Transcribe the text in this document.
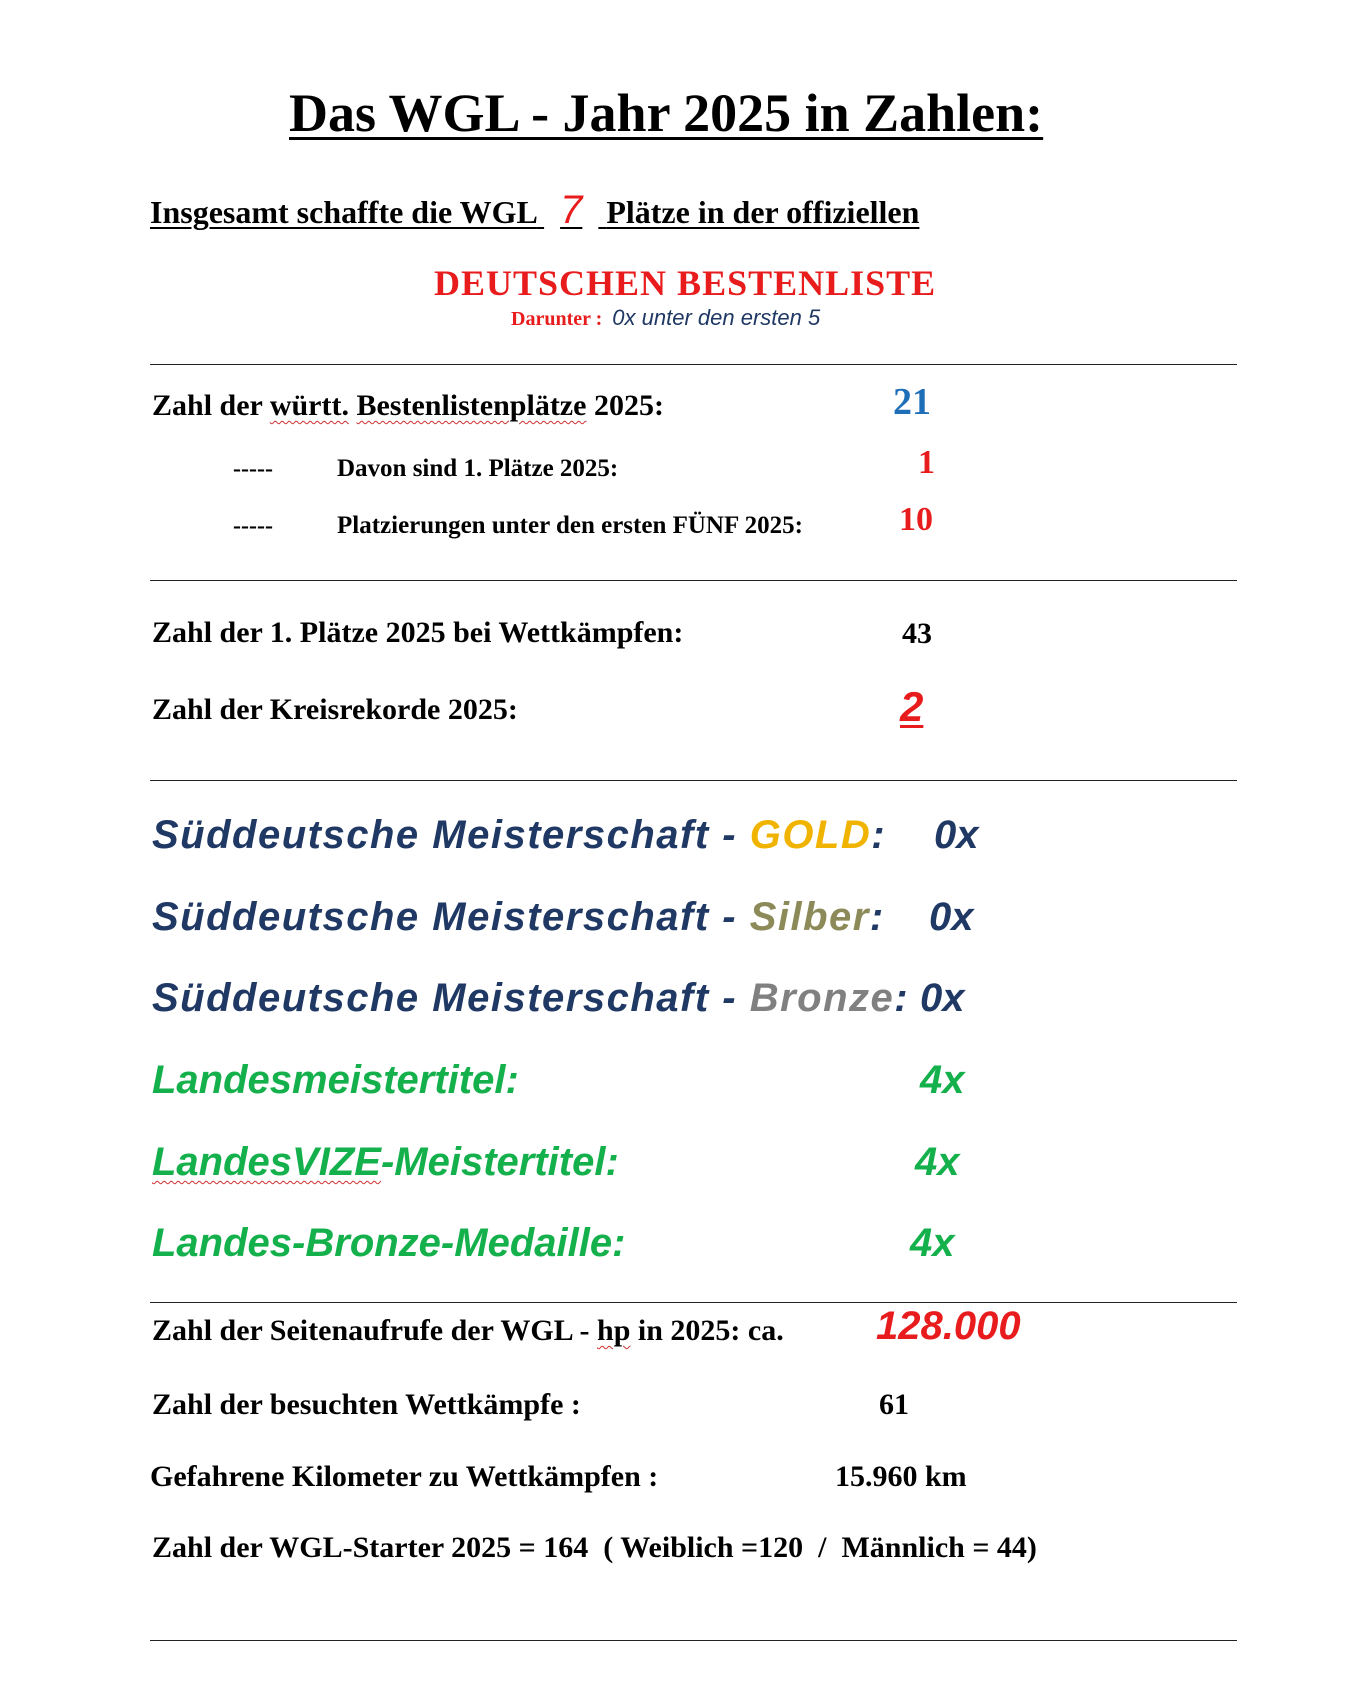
Das WGL - Jahr 2025 in Zahlen:
Insgesamt schaffte die WGL 7 Plätze in der offiziellen
DEUTSCHEN BESTENLISTE
Darunter : 0x unter den ersten 5
Zahl der württ. Bestenlistenplätze 2025:	21
-----	Davon sind 1. Plätze 2025:	1
-----	Platzierungen unter den ersten FÜNF 2025:	10
Zahl der 1. Plätze 2025 bei Wettkämpfen:	43
Zahl der Kreisrekorde 2025:	2
Süddeutsche Meisterschaft - GOLD: 0x
Süddeutsche Meisterschaft - Silber: 0x
Süddeutsche Meisterschaft - Bronze: 0x
Landesmeistertitel:	4x
LandesVIZE-Meistertitel:	4x
Landes-Bronze-Medaille:	4x
Zahl der Seitenaufrufe der WGL - hp in 2025: ca. 128.000
Zahl der besuchten Wettkämpfe :	61
Gefahrene Kilometer zu Wettkämpfen :	15.960 km
Zahl der WGL-Starter 2025 = 164  ( Weiblich =120  /  Männlich = 44)
